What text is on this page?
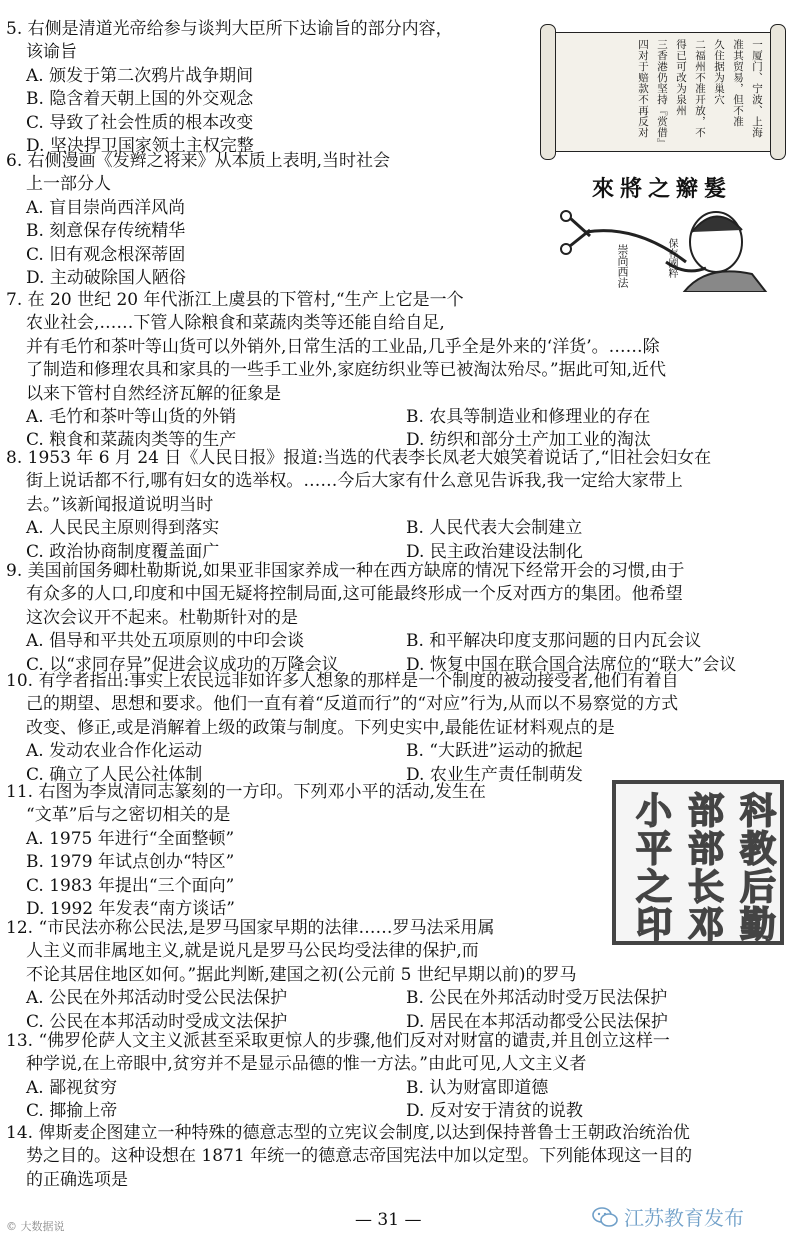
5. 右侧是清道光帝给参与谈判大臣所下达谕旨的部分内容，
该谕旨
A. 颁发于第二次鸦片战争期间
B. 隐含着天朝上国的外交观念
C. 导致了社会性质的根本改变
D. 坚决捍卫国家领土主权完整
一厦门、宁波、上海
准其贸易，但不准
久住据为巢穴
二福州不准开放，不
得已可改为泉州
三香港仍坚持『赏借』
四对于赔款不再反对
來將之辮髮
崇尚西法	保存國粹
6. 右侧漫画《发辫之将来》从本质上表明,当时社会
上一部分人
A. 盲目崇尚西洋风尚
B. 刻意保存传统精华
C. 旧有观念根深蒂固
D. 主动破除国人陋俗
7. 在 20 世纪 20 年代浙江上虞县的下管村,“生产上它是一个
农业社会,……下管人除粮食和菜蔬肉类等还能自给自足,
并有毛竹和茶叶等山货可以外销外,日常生活的工业品,几乎全是外来的‘洋货’。……除
了制造和修理农具和家具的一些手工业外,家庭纺织业等已被淘汰殆尽。”据此可知,近代
以来下管村自然经济瓦解的征象是
A. 毛竹和茶叶等山货的外销	B. 农具等制造业和修理业的存在
C. 粮食和菜蔬肉类等的生产	D. 纺织和部分土产加工业的淘汰
8. 1953 年 6 月 24 日《人民日报》报道:当选的代表李长凤老大娘笑着说话了,“旧社会妇女在
街上说话都不行,哪有妇女的选举权。……今后大家有什么意见告诉我,我一定给大家带上
去。”该新闻报道说明当时
A. 人民民主原则得到落实	B. 人民代表大会制建立
C. 政治协商制度覆盖面广	D. 民主政治建设法制化
9. 美国前国务卿杜勒斯说,如果亚非国家养成一种在西方缺席的情况下经常开会的习惯,由于
有众多的人口,印度和中国无疑将控制局面,这可能最终形成一个反对西方的集团。他希望
这次会议开不起来。杜勒斯针对的是
A. 倡导和平共处五项原则的中印会谈	B. 和平解决印度支那问题的日内瓦会议
C. 以“求同存异”促进会议成功的万隆会议	D. 恢复中国在联合国合法席位的“联大”会议
10. 有学者指出:事实上农民远非如许多人想象的那样是一个制度的被动接受者,他们有着自
己的期望、思想和要求。他们一直有着“反道而行”的“对应”行为,从而以不易察觉的方式
改变、修正,或是消解着上级的政策与制度。下列史实中,最能佐证材料观点的是
A. 发动农业合作化运动	B. “大跃进”运动的掀起
C. 确立了人民公社体制	D. 农业生产责任制萌发
科
教
后
勤
部
部
长
邓
小
平
之
印
11. 右图为李岚清同志篆刻的一方印。下列邓小平的活动,发生在
“文革”后与之密切相关的是
A. 1975 年进行“全面整顿”
B. 1979 年试点创办“特区”
C. 1983 年提出“三个面向”
D. 1992 年发表“南方谈话”
12. “市民法亦称公民法,是罗马国家早期的法律……罗马法采用属
人主义而非属地主义,就是说凡是罗马公民均受法律的保护,而
不论其居住地区如何。”据此判断,建国之初(公元前 5 世纪早期以前)的罗马
A. 公民在外邦活动时受公民法保护	B. 公民在外邦活动时受万民法保护
C. 公民在本邦活动时受成文法保护	D. 居民在本邦活动都受公民法保护
13. “佛罗伦萨人文主义派甚至采取更惊人的步骤,他们反对对财富的谴责,并且创立这样一
种学说,在上帝眼中,贫穷并不是显示品德的惟一方法。”由此可见,人文主义者
A. 鄙视贫穷	B. 认为财富即道德
C. 揶揄上帝	D. 反对安于清贫的说教
14. 俾斯麦企图建立一种特殊的德意志型的立宪议会制度,以达到保持普鲁士王朝政治统治优
势之目的。这种设想在 1871 年统一的德意志帝国宪法中加以定型。下列能体现这一目的
的正确选项是
© 大数据说	— 31 —	江苏教育发布
